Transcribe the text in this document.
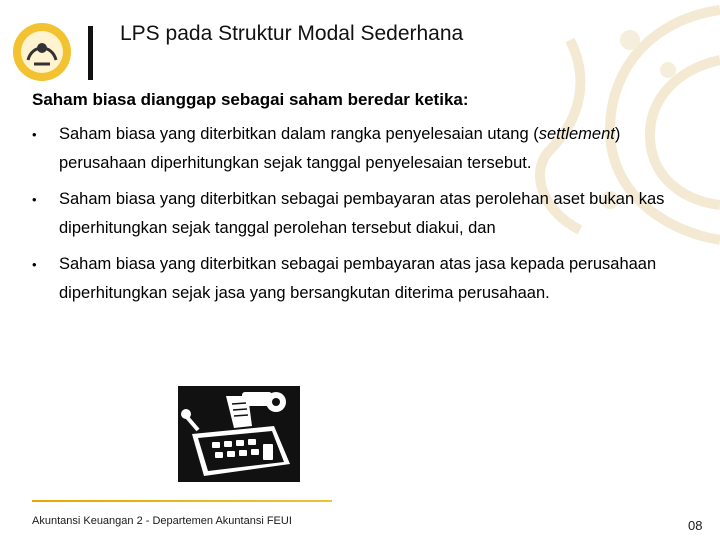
LPS pada Struktur Modal Sederhana

Saham biasa dianggap sebagai saham beredar ketika:

• Saham biasa yang diterbitkan dalam rangka penyelesaian utang (settlement) perusahaan diperhitungkan sejak tanggal penyelesaian tersebut.
• Saham biasa yang diterbitkan sebagai pembayaran atas perolehan aset bukan kas diperhitungkan sejak tanggal perolehan tersebut diakui, dan
• Saham biasa yang diterbitkan sebagai pembayaran atas jasa kepada perusahaan diperhitungkan sejak jasa yang bersangkutan diterima perusahaan.
Akuntansi Keuangan 2 - Departemen Akuntansi FEUI	08
